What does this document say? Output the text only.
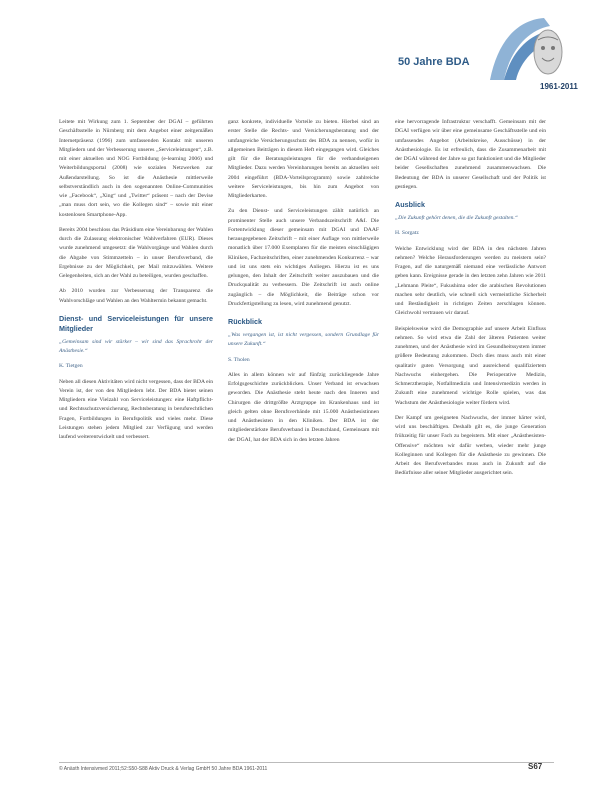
50 Jahre BDA
1961-2011

Leitete mit Wirkung zum 1. September der DGAI – geführten Geschäftsstelle in Nürnberg mit dem Angebot einer zeitgemäßen Internetpräsenz (1996) zum umfassenden Kontakt mit unseren Mitgliedern und der Verbesserung unseres „Serviceleistungen“, z.B. mit einer aktuellen und NOG Fortbildung (e-learning 2006) und Weiterbildungsportal (2008) wie sozialen Netzwerken zur Außendarstellung. So ist die Anästhesie mittlerweile selbstverständlich auch in den sogenannten Online-Communities wie „Facebook“, „Xing“ und „Twitter“ präsent – nach der Devise „man muss dort sein, wo die Kollegen sind“ – sowie mit einer kostenlosen Smartphone-App.

Bereits 2004 beschloss das Präsidium eine Vereinbarung der Wahlen durch die Zulassung elektronischer Wahlverfahren (EUR). Dieses wurde zunehmend umgesetzt: die Wahlvorgänge und Wahlen durch die Abgabe von Stimmzetteln – in unser Berufsverband, die Ergebnisse zu der Möglichkeit, per Mail mitzuwählen. Weitere Gelegenheiten, sich an der Wahl zu beteiligen, wurden geschaffen.

Ab 2010 wurden zur Verbesserung der Transparenz die Wahlvorschläge und Wahlen an den Wahltermin bekannt gemacht.

Dienst- und Serviceleistungen für unsere Mitglieder

„Gemeinsam sind wir stärker – wir sind das Sprachrohr der Anästhesie.“

K. Tietgen

Neben all diesen Aktivitäten wird nicht vergessen, dass der BDA ein Verein ist, der von den Mitgliedern lebt. Der BDA bietet seinen Mitgliedern eine Vielzahl von Serviceleistungen: eine Haftpflicht- und Rechtsschutzversicherung, Rechtsberatung in berufsrechtlichen Fragen, Fortbildungen in Berufspolitik und vieles mehr. Diese Leistungen stehen jedem Mitglied zur Verfügung und werden laufend weiterentwickelt und verbessert.

ganz konkrete, individuelle Vorteile zu bieten. Hierbei sind an erster Stelle die Rechts- und Versicherungsberatung und der umfangreiche Versicherungsschutz des BDA zu nennen, wofür in allgemeinen Beiträgen in diesem Heft eingegangen wird. Gleiches gilt für die Beratungsleistungen für die verbandseigenen Mitglieder. Dazu werden Vereinbarungen bereits an aktuellen seit 2004 eingeführt (BDA-Vorteilsprogramm) sowie zahlreiche weitere Serviceleistungen, bis hin zum Angebot von Mitgliederkarten.

Zu den Dienst- und Serviceleistungen zählt natürlich an prominenter Stelle auch unsere Verbandszeitschrift A&I. Die Fortentwicklung dieser gemeinsam mit DGAI und DAAF herausgegebenen Zeitschrift – mit einer Auflage von mittlerweile monatlich über 17.000 Exemplaren für die meisten einschlägigen Kliniken, Fachzeitschriften, einer zunehmenden Konkurrenz – war und ist uns stets ein wichtiges Anliegen. Hierzu ist es uns gelungen, den Inhalt der Zeitschrift weiter auszubauen und die Druckqualität zu verbessern. Die Zeitschrift ist auch online zugänglich – die Möglichkeit, die Beiträge schon vor Druckfertigstellung zu lesen, wird zunehmend genutzt.

Rückblick

„Was vergangen ist, ist nicht vergessen, sondern Grundlage für unsere Zukunft.“

S. Tholen

Alles in allem können wir auf fünfzig zurückliegende Jahre Erfolgsgeschichte zurückblicken. Unser Verband ist erwachsen geworden. Die Anästhesie steht heute nach den Inneren und Chirurgen die drittgrößte Arztgruppe im Krankenhaus und ist gleich gelten ohne Berufsverbände mit 15.000 Anästhesistinnen und Anästhesisten in den Kliniken. Der BDA ist der mitgliederstärkste Berufsverband in Deutschland, Gemeinsam mit der DGAI, hat der BDA sich in den letzten Jahren

eine hervorragende Infrastruktur verschafft. Gemeinsam mit der DGAI verfügen wir über eine gemeinsame Geschäftsstelle und ein umfassendes Angebot (Arbeitskreise, Ausschüsse) in der Anästhesiologie. Es ist erfreulich, dass die Zusammenarbeit mit der DGAI während der Jahre so gut funktioniert und die Mitglieder beider Gesellschaften zunehmend zusammenwachsen. Die Bedeutung der BDA in unserer Gesellschaft und der Politik ist gestiegen.

Ausblick

„Die Zukunft gehört denen, die die Zukunft gestalten.“

H. Sorgatz

Welche Entwicklung wird der BDA in den nächsten Jahren nehmen? Welche Herausforderungen werden zu meistern sein? Fragen, auf die naturgemäß niemand eine verlässliche Antwort geben kann. Ereignisse gerade in den letzten zehn Jahren wie 2011 „Lehmann Pleite“, Fukushima oder die arabischen Revolutionen machen sehr deutlich, wie schnell sich vermeintliche Sicherheit und Beständigkeit in richtigen Zeiten zerschlagen können. Gleichwohl vertrauen wir darauf.

Beispielsweise wird die Demographie auf unsere Arbeit Einfluss nehmen. So wird etwa die Zahl der älteren Patienten weiter zunehmen, und der Anästhesie wird im Gesundheitssystem immer größere Bedeutung zukommen. Doch dies muss auch mit einer qualitativ guten Versorgung und ausreichend qualifiziertem Nachwuchs einhergehen. Die Perioperative Medizin, Schmerztherapie, Notfallmedizin und Intensivmedizin werden in Zukunft eine zunehmend wichtige Rolle spielen, was das Wachstum der Anästhesiologie weiter fördern wird.

Der Kampf um geeigneten Nachwuchs, der immer härter wird, wird uns beschäftigen. Deshalb gilt es, die junge Generation frühzeitig für unser Fach zu begeistern. Mit einer „Anästhesisten-Offensive“ möchten wir dafür werben, wieder mehr junge Kolleginnen und Kollegen für die Anästhesie zu gewinnen. Die Arbeit des Berufsverbandes muss auch in Zukunft auf die Bedürfnisse aller seiner Mitglieder ausgerichtet sein.

© Anästh Intensivmed 2011;52:S50-S88 Aktiv Druck & Verlag GmbH 50 Jahre BDA 1961-2011	S67
